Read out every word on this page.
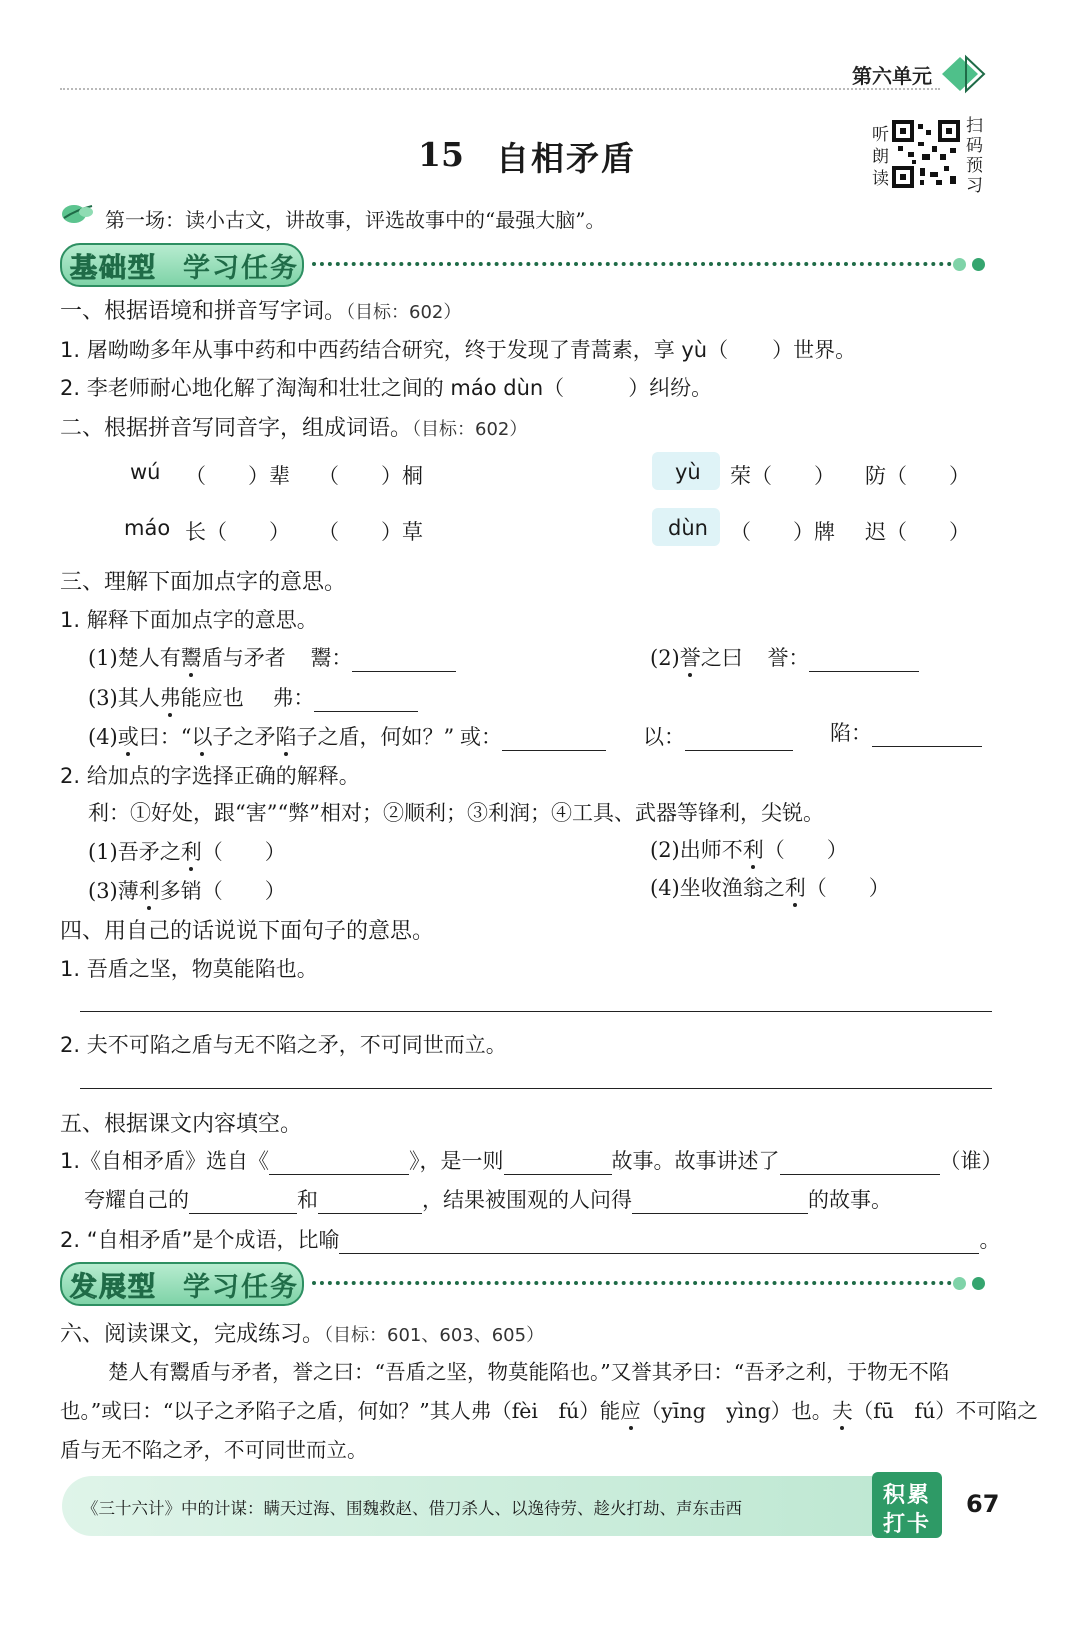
第六单元
15 自相矛盾
听朗读
扫码预习
第一场：读小古文，讲故事，评选故事中的“最强大脑”。
基础型 学习任务
一、根据语境和拼音写字词。（目标：602）
1. 屠呦呦多年从事中药和中西药结合研究，终于发现了青蒿素，享 yù（ ）世界。
2. 李老师耐心地化解了淘淘和壮壮之间的 máo dùn（	）纠纷。
二、根据拼音写同音字，组成词语。（目标：602）
wú （　　）辈 （　　）桐	yù 荣（　　） 防（　　）
máo 长（　　） （　　）草	dùn （　　）牌 迟（　　）
三、理解下面加点字的意思。
1. 解释下面加点字的意思。
(1)楚人有鬻盾与矛者 鬻：	(2)誉之曰 誉：
(3)其人弗能应也 弗：
(4)或曰：“以子之矛陷子之盾，何如？” 或：	以：	陷：
2. 给加点的字选择正确的解释。
利：①好处，跟“害”“弊”相对；②顺利；③利润；④工具、武器等锋利，尖锐。
(1)吾矛之利（　　）	(2)出师不利（　　）
(3)薄利多销（　　）	(4)坐收渔翁之利（　　）
四、用自己的话说说下面句子的意思。
1. 吾盾之坚，物莫能陷也。
2. 夫不可陷之盾与无不陷之矛，不可同世而立。
五、根据课文内容填空。
1.《自相矛盾》选自《	》，是一则	故事。故事讲述了	（谁）
夸耀自己的	和	，结果被围观的人问得	的故事。
2. “自相矛盾”是个成语，比喻	。
发展型 学习任务
六、阅读课文，完成练习。（目标：601、603、605）
楚人有鬻盾与矛者，誉之曰：“吾盾之坚，物莫能陷也。”又誉其矛曰：“吾矛之利，于物无不陷
也。”或曰：“以子之矛陷子之盾，何如？”其人弗（fèi　fú）能应（yīng　yìng）也。夫（fū　fú）不可陷之
盾与无不陷之矛，不可同世而立。
《三十六计》中的计谋：瞒天过海、围魏救赵、借刀杀人、以逸待劳、趁火打劫、声东击西
积累
打卡
67
